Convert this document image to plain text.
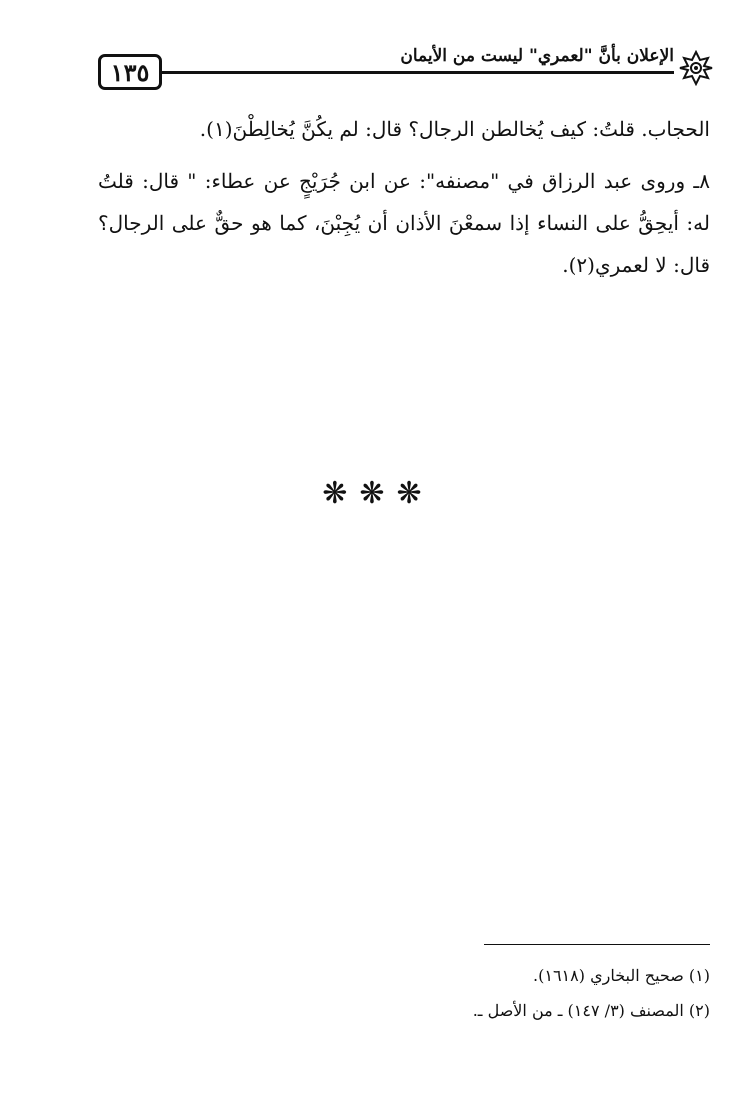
١٣٥
الإعلان بأنَّ "لعمري" ليست من الأيمان

الحجاب. قلتُ: كيف يُخالطن الرجال؟ قال: لم يكُنَّ يُخالِطْنَ(١).

٨ـ وروى عبد الرزاق في "مصنفه": عن ابن جُرَيْجٍ عن عطاء: " قال: قلتُ له: أيحِقُّ على النساء إذا سمعْنَ الأذان أن يُجِبْنَ، كما هو حقٌّ على الرجال؟ قال: لا لعمري(٢).

❋❋❋

(١) صحيح البخاري (١٦١٨).

(٢) المصنف (٣/ ١٤٧) ـ من الأصل ـ.
